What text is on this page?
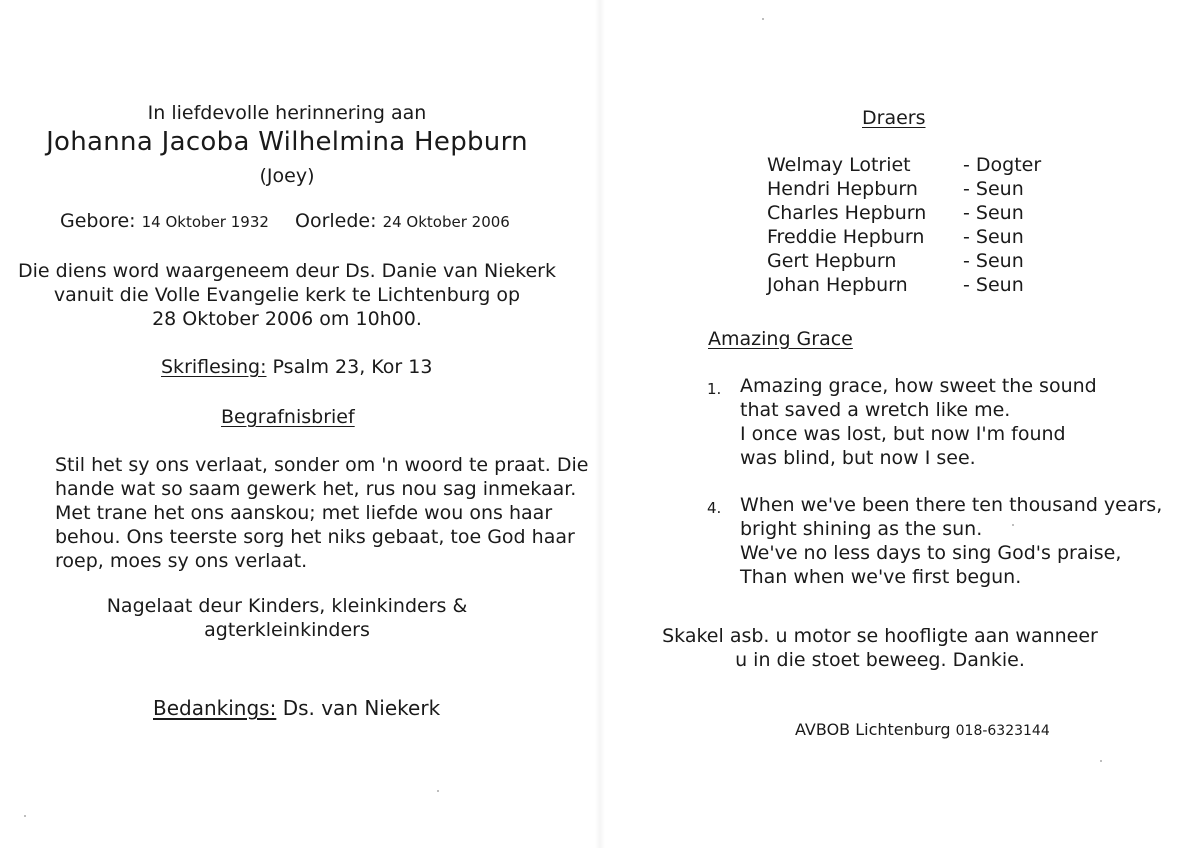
In liefdevolle herinnering aan
Johanna Jacoba Wilhelmina Hepburn
(Joey)
Gebore: 14 Oktober 1932 Oorlede: 24 Oktober 2006
Die diens word waargeneem deur Ds. Danie van Niekerk
vanuit die Volle Evangelie kerk te Lichtenburg op
28 Oktober 2006 om 10h00.
Skriflesing: Psalm 23, Kor 13
Begrafnisbrief
Stil het sy ons verlaat, sonder om 'n woord te praat. Die
hande wat so saam gewerk het, rus nou sag inmekaar.
Met trane het ons aanskou; met liefde wou ons haar
behou. Ons teerste sorg het niks gebaat, toe God haar
roep, moes sy ons verlaat.
Nagelaat deur Kinders, kleinkinders &
agterkleinkinders
Bedankings: Ds. van Niekerk
Draers
Welmay Lotriet
Hendri Hepburn
Charles Hepburn
Freddie Hepburn
Gert Hepburn
Johan Hepburn
- Dogter
- Seun
- Seun
- Seun
- Seun
- Seun
Amazing Grace
1. Amazing grace, how sweet the sound
that saved a wretch like me.
I once was lost, but now I'm found
was blind, but now I see.
4. When we've been there ten thousand years,
bright shining as the sun.
We've no less days to sing God's praise,
Than when we've first begun.
Skakel asb. u motor se hoofligte aan wanneer
u in die stoet beweeg. Dankie.
AVBOB Lichtenburg 018-6323144
